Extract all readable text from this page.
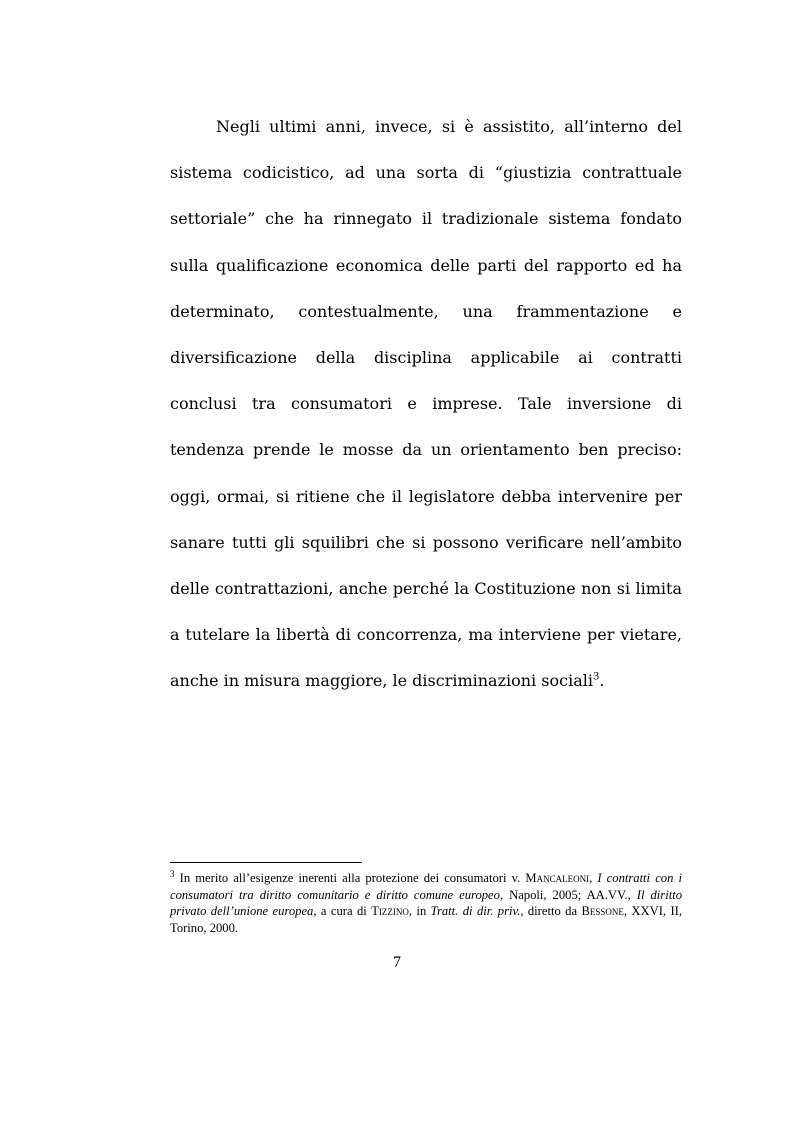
Negli ultimi anni, invece, si è assistito, all’interno del sistema codicistico, ad una sorta di “giustizia contrattuale settoriale” che ha rinnegato il tradizionale sistema fondato sulla qualificazione economica delle parti del rapporto ed ha determinato, contestualmente, una frammentazione e diversificazione della disciplina applicabile ai contratti conclusi tra consumatori e imprese. Tale inversione di tendenza prende le mosse da un orientamento ben preciso: oggi, ormai, si ritiene che il legislatore debba intervenire per sanare tutti gli squilibri che si possono verificare nell’ambito delle contrattazioni, anche perché la Costituzione non si limita a tutelare la libertà di concorrenza, ma interviene per vietare, anche in misura maggiore, le discriminazioni sociali$^3$.

$^3$ In merito all’esigenze inerenti alla protezione dei consumatori v. Mancaleoni, I contratti con i consumatori tra diritto comunitario e diritto comune europeo, Napoli, 2005; AA.VV., Il diritto privato dell’unione europea, a cura di Tizzino, in Tratt. di dir. priv., diretto da Bessone, XXVI, II, Torino, 2000.

7
